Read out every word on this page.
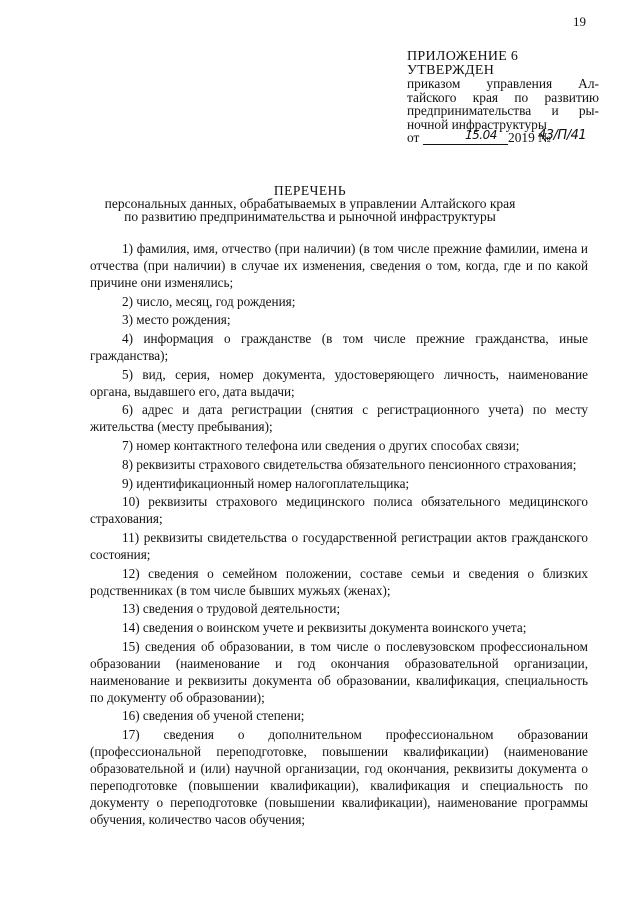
19
ПРИЛОЖЕНИЕ 6
УТВЕРЖДЕН
приказом управления Ал-
тайского края по развитию
предпринимательства и ры-
ночной инфраструктуры
от	15.04 2019 №
43/П/41
ПЕРЕЧЕНЬ
персональных данных, обрабатываемых в управлении Алтайского края
по развитию предпринимательства и рыночной инфраструктуры

1) фамилия, имя, отчество (при наличии) (в том числе прежние фамилии, имена и отчества (при наличии) в случае их изменения, сведения о том, когда, где и по какой причине они изменялись;

2) число, месяц, год рождения;

3) место рождения;

4) информация о гражданстве (в том числе прежние гражданства, иные гражданства);

5) вид, серия, номер документа, удостоверяющего личность, наименование органа, выдавшего его, дата выдачи;

6) адрес и дата регистрации (снятия с регистрационного учета) по месту жительства (месту пребывания);

7) номер контактного телефона или сведения о других способах связи;

8) реквизиты страхового свидетельства обязательного пенсионного страхования;

9) идентификационный номер налогоплательщика;

10) реквизиты страхового медицинского полиса обязательного медицинского страхования;

11) реквизиты свидетельства о государственной регистрации актов гражданского состояния;

12) сведения о семейном положении, составе семьи и сведения о близких родственниках (в том числе бывших мужьях (женах);

13) сведения о трудовой деятельности;

14) сведения о воинском учете и реквизиты документа воинского учета;

15) сведения об образовании, в том числе о послевузовском профессиональном образовании (наименование и год окончания образовательной организации, наименование и реквизиты документа об образовании, квалификация, специальность по документу об образовании);

16) сведения об ученой степени;

17) сведения о дополнительном профессиональном образовании (профессиональной переподготовке, повышении квалификации) (наименование образовательной и (или) научной организации, год окончания, реквизиты документа о переподготовке (повышении квалификации), квалификация и специальность по документу о переподготовке (повышении квалификации), наименование программы обучения, количество часов обучения;
